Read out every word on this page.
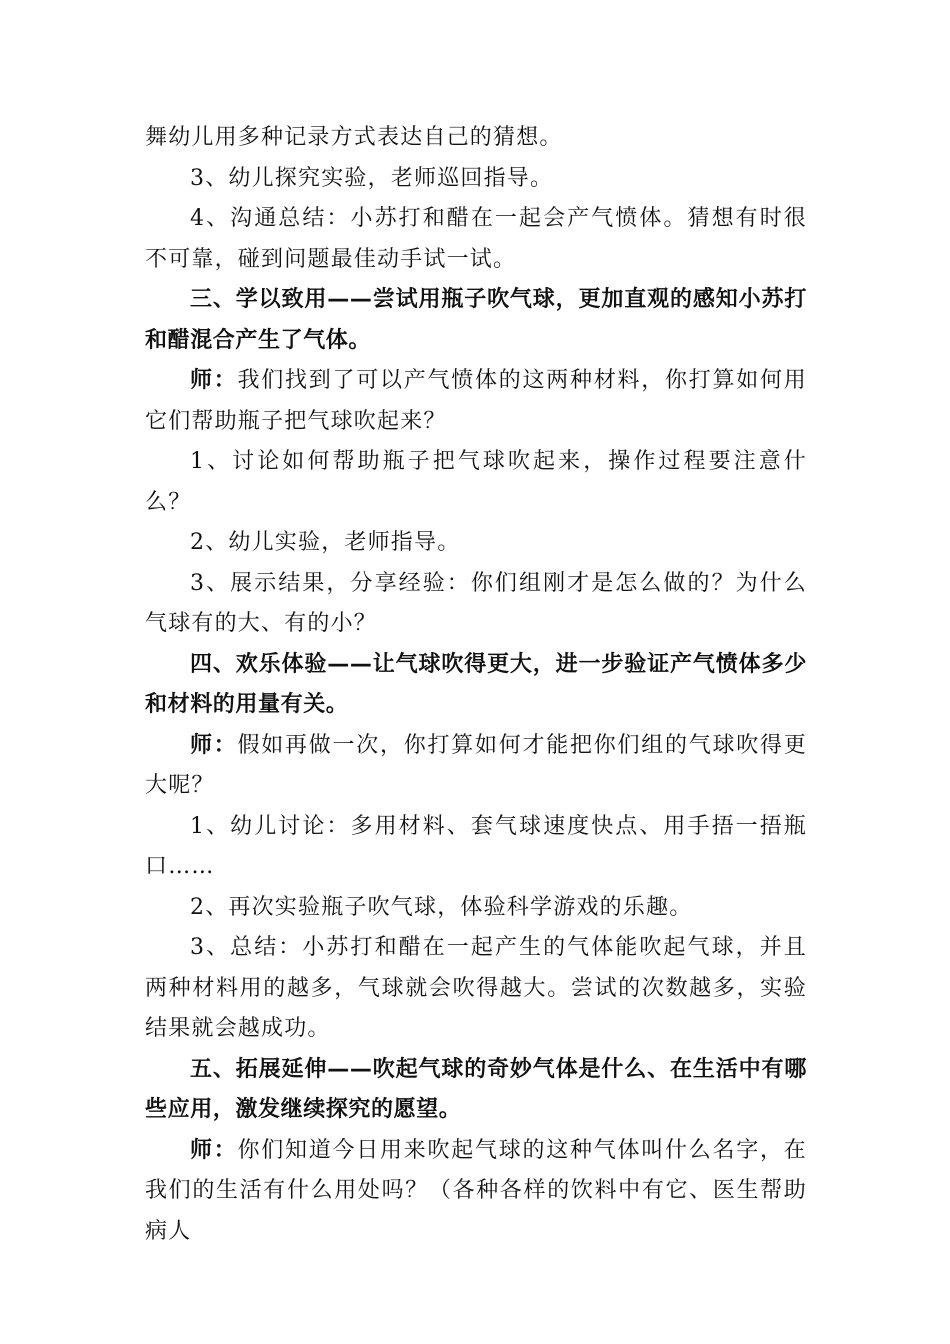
舞幼儿用多种记录方式表达自己的猜想。

3、幼儿探究实验，老师巡回指导。

4、沟通总结：小苏打和醋在一起会产气愤体。猜想有时很不可靠，碰到问题最佳动手试一试。

三、学以致用——尝试用瓶子吹气球，更加直观的感知小苏打和醋混合产生了气体。

师：我们找到了可以产气愤体的这两种材料，你打算如何用它们帮助瓶子把气球吹起来？

1、讨论如何帮助瓶子把气球吹起来，操作过程要注意什么？

2、幼儿实验，老师指导。

3、展示结果，分享经验：你们组刚才是怎么做的？为什么气球有的大、有的小？

四、欢乐体验——让气球吹得更大，进一步验证产气愤体多少和材料的用量有关。

师：假如再做一次，你打算如何才能把你们组的气球吹得更大呢？

1、幼儿讨论：多用材料、套气球速度快点、用手捂一捂瓶口……

2、再次实验瓶子吹气球，体验科学游戏的乐趣。

3、总结：小苏打和醋在一起产生的气体能吹起气球，并且两种材料用的越多，气球就会吹得越大。尝试的次数越多，实验结果就会越成功。

五、拓展延伸——吹起气球的奇妙气体是什么、在生活中有哪些应用，激发继续探究的愿望。

师：你们知道今日用来吹起气球的这种气体叫什么名字，在我们的生活有什么用处吗？（各种各样的饮料中有它、医生帮助病人
